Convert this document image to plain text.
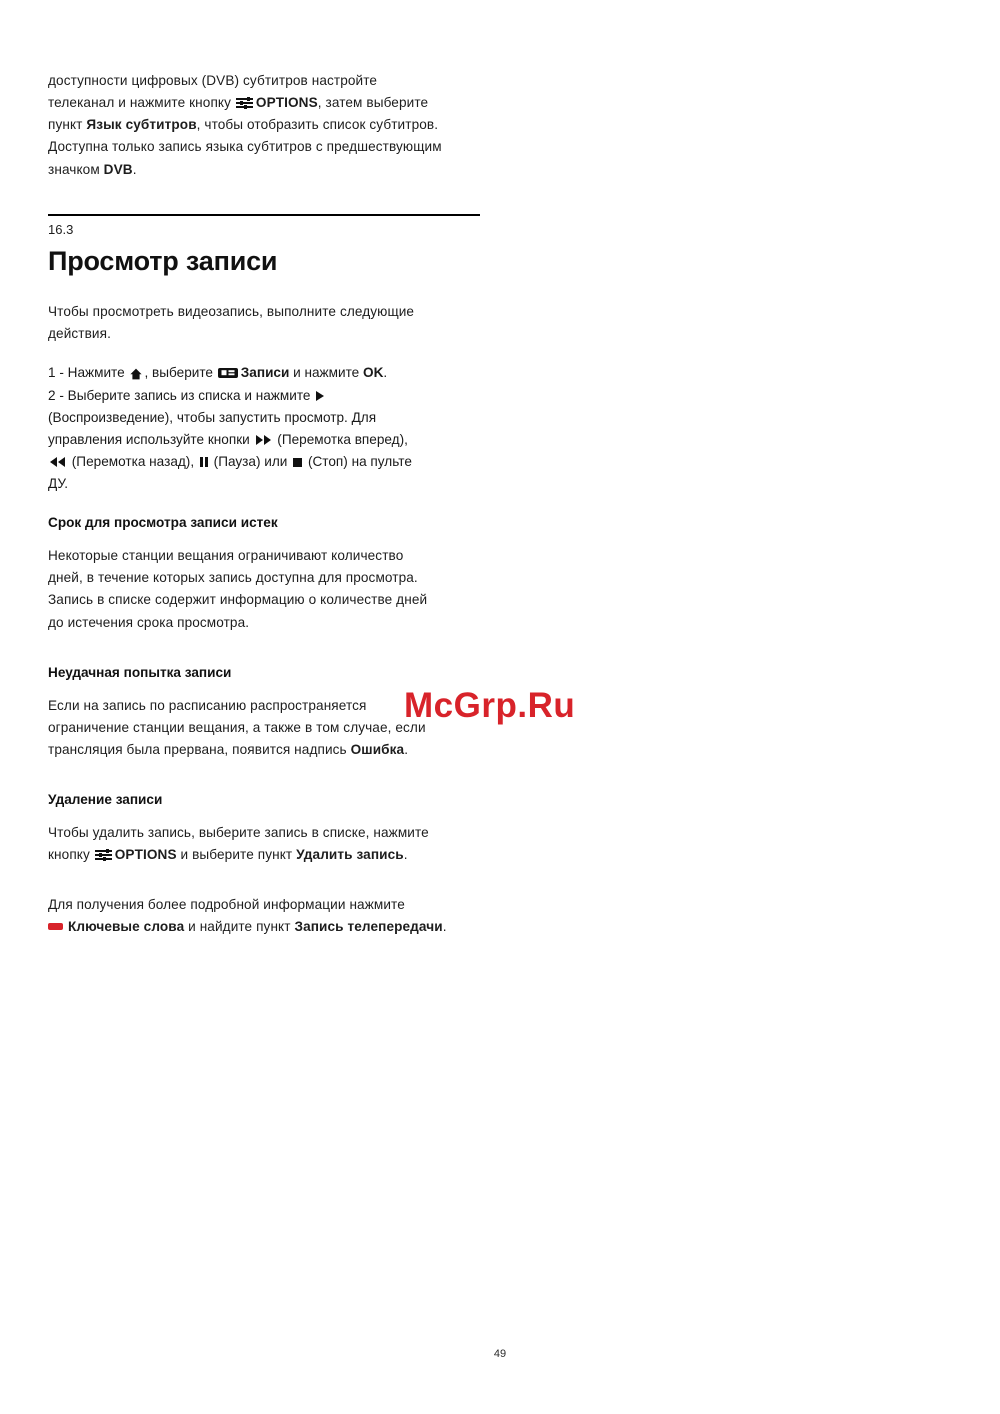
доступности цифровых (DVB) субтитров настройте

телеканал и нажмите кнопку
OPTIONS, затем выберите

пункт Язык субтитров, чтобы отобразить список субтитров.

Доступна только запись языка субтитров с предшествующим

значком DVB.

16.3

Просмотр записи

Чтобы просмотреть видеозапись, выполните следующие

действия.

1 - Нажмите , выберите Записи и нажмите OK.

2 - Выберите запись из списка и нажмите

(Воспроизведение), чтобы запустить просмотр. Для

управления используйте кнопки  (Перемотка вперед),

(Перемотка назад),
(Пауза) или  (Стоп) на пульте

ДУ.

Срок для просмотра записи истек

Некоторые станции вещания ограничивают количество

дней, в течение которых запись доступна для просмотра.

Запись в списке содержит информацию о количестве дней

до истечения срока просмотра.

Неудачная попытка записи

Если на запись по расписанию распространяется

ограничение станции вещания, а также в том случае, если

трансляция была прервана, появится надпись Ошибка.

Удаление записи

Чтобы удалить запись, выберите запись в списке, нажмите

кнопку
OPTIONS и выберите пункт Удалить запись.

Для получения более подробной информации нажмите

Ключевые слова и найдите пункт Запись телепередачи.

McGrp.Ru
49
